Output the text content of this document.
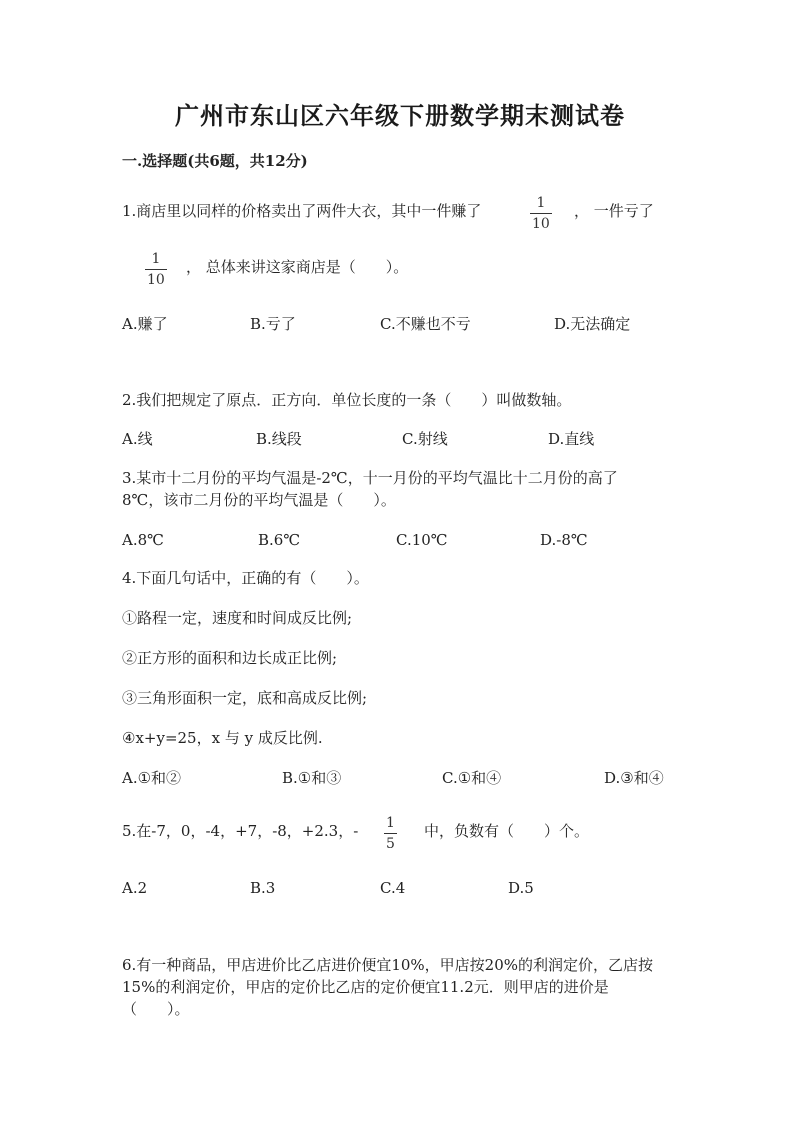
广州市东山区六年级下册数学期末测试卷
一.选择题(共6题，共12分)
1.商店里以同样的价格卖出了两件大衣，其中一件赚了	1
10
， 一件亏了
1
10
， 总体来讲这家商店是（　　）。
A.赚了	B.亏了	C.不赚也不亏	D.无法确定
2.我们把规定了原点．正方向．单位长度的一条（　　）叫做数轴。
A.线	B.线段	C.射线	D.直线
3.某市十二月份的平均气温是-2℃，十一月份的平均气温比十二月份的高了
8℃，该市二月份的平均气温是（　　）。
A.8℃	B.6℃	C.10℃	D.-8℃
4.下面几句话中，正确的有（　　）。
①路程一定，速度和时间成反比例;
②正方形的面积和边长成正比例;
③三角形面积一定，底和高成反比例;
④x+y=25，x 与 y 成反比例.
A.①和②	B.①和③	C.①和④	D.③和④
5.在-7，0，-4，+7，-8，+2.3，- 1
5
中，负数有（　　）个。
A.2	B.3	C.4	D.5
6.有一种商品，甲店进价比乙店进价便宜10%，甲店按20%的利润定价，乙店按
15%的利润定价，甲店的定价比乙店的定价便宜11.2元．则甲店的进价是
（　　）。
